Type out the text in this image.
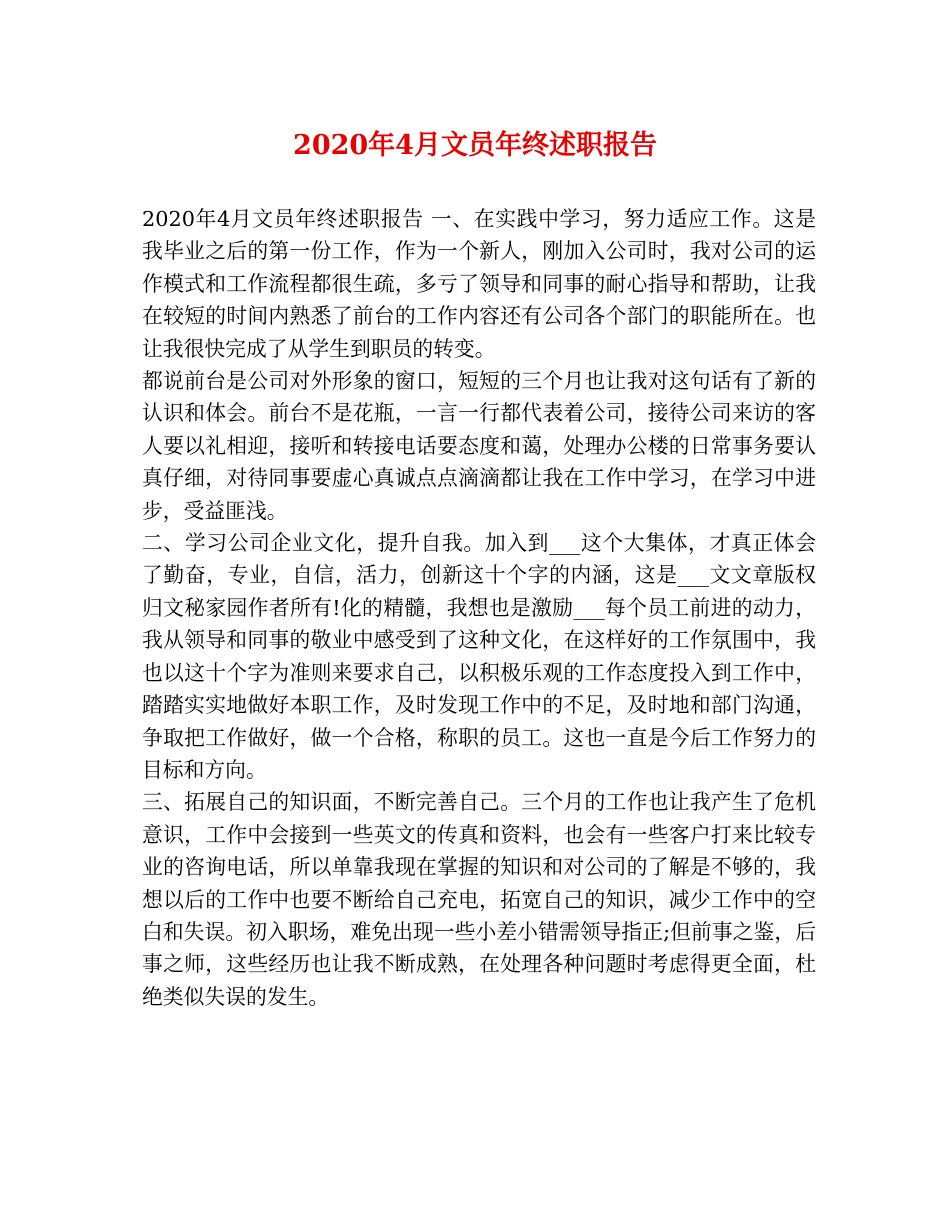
2020年4月文员年终述职报告

2020年4月文员年终述职报告 一、在实践中学习，努力适应工作。这是我毕业之后的第一份工作，作为一个新人，刚加入公司时，我对公司的运作模式和工作流程都很生疏，多亏了领导和同事的耐心指导和帮助，让我在较短的时间内熟悉了前台的工作内容还有公司各个部门的职能所在。也让我很快完成了从学生到职员的转变。

都说前台是公司对外形象的窗口，短短的三个月也让我对这句话有了新的认识和体会。前台不是花瓶，一言一行都代表着公司，接待公司来访的客人要以礼相迎，接听和转接电话要态度和蔼，处理办公楼的日常事务要认真仔细，对待同事要虚心真诚点点滴滴都让我在工作中学习，在学习中进步，受益匪浅。

二、学习公司企业文化，提升自我。加入到___这个大集体，才真正体会了勤奋，专业，自信，活力，创新这十个字的内涵，这是___文文章版权归文秘家园作者所有!化的精髓，我想也是激励___每个员工前进的动力，我从领导和同事的敬业中感受到了这种文化，在这样好的工作氛围中，我也以这十个字为准则来要求自己，以积极乐观的工作态度投入到工作中，踏踏实实地做好本职工作，及时发现工作中的不足，及时地和部门沟通，争取把工作做好，做一个合格，称职的员工。这也一直是今后工作努力的目标和方向。

三、拓展自己的知识面，不断完善自己。三个月的工作也让我产生了危机意识，工作中会接到一些英文的传真和资料，也会有一些客户打来比较专业的咨询电话，所以单靠我现在掌握的知识和对公司的了解是不够的，我想以后的工作中也要不断给自己充电，拓宽自己的知识，减少工作中的空白和失误。初入职场，难免出现一些小差小错需领导指正;但前事之鉴，后事之师，这些经历也让我不断成熟，在处理各种问题时考虑得更全面，杜绝类似失误的发生。
